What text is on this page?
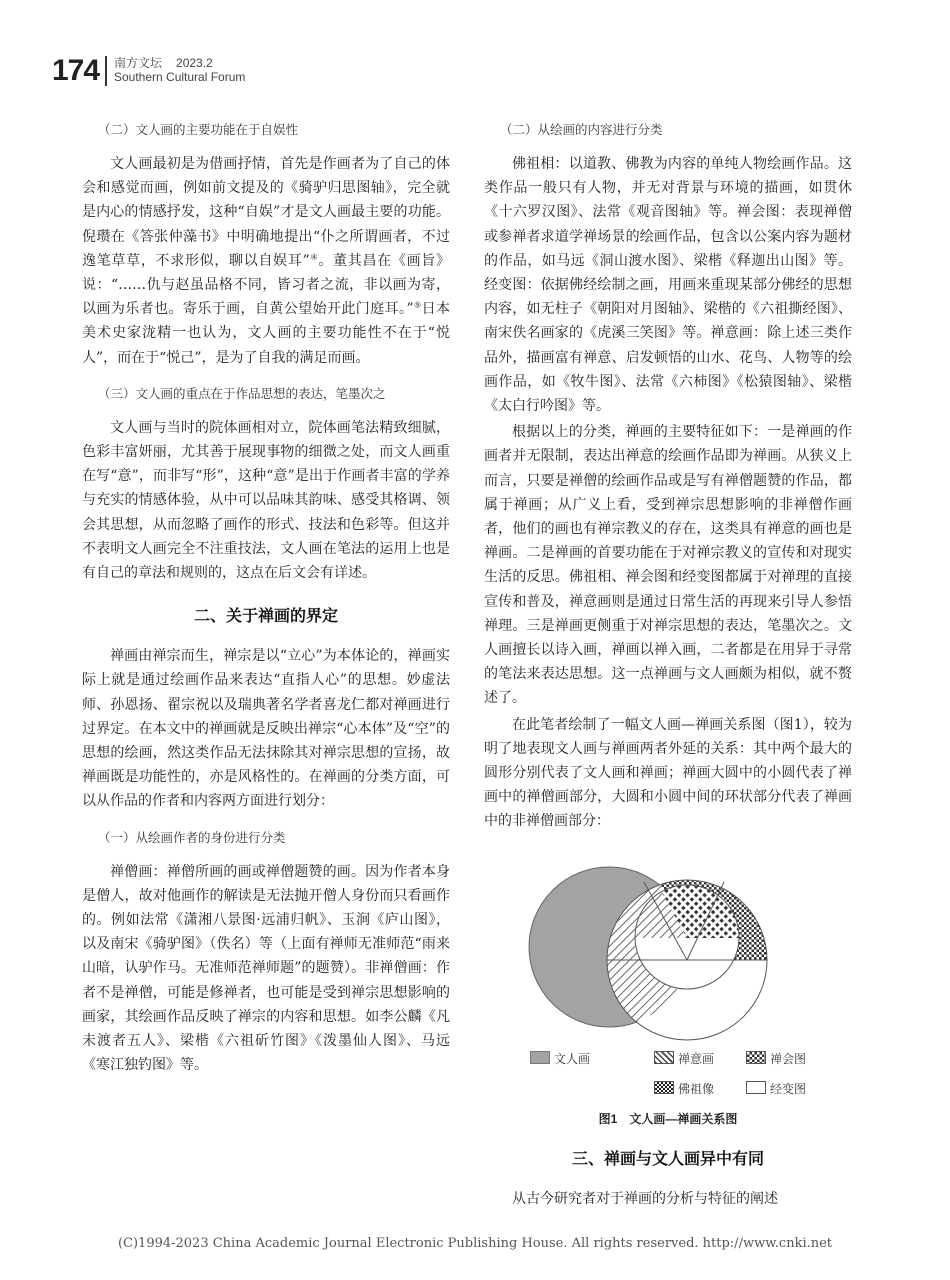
174 南方文坛 2023.2
Southern Cultural Forum
（二）文人画的主要功能在于自娱性

文人画最初是为借画抒情，首先是作画者为了自己的体会和感觉而画，例如前文提及的《骑驴归思图轴》，完全就是内心的情感抒发，这种“自娱”才是文人画最主要的功能。倪瓒在《答张仲藻书》中明确地提出“仆之所谓画者，不过逸笔草草，不求形似，聊以自娱耳”④。董其昌在《画旨》说：“……仇与赵虽品格不同，皆习者之流，非以画为寄，以画为乐者也。寄乐于画，自黄公望始开此门庭耳。”⑤日本美术史家泷精一也认为，文人画的主要功能性不在于“悦人”，而在于“悦己”，是为了自我的满足而画。

（三）文人画的重点在于作品思想的表达，笔墨次之

文人画与当时的院体画相对立，院体画笔法精致细腻，色彩丰富妍丽，尤其善于展现事物的细微之处，而文人画重在写“意”，而非写“形”，这种“意”是出于作画者丰富的学养与充实的情感体验，从中可以品味其韵味、感受其格调、领会其思想，从而忽略了画作的形式、技法和色彩等。但这并不表明文人画完全不注重技法，文人画在笔法的运用上也是有自己的章法和规则的，这点在后文会有详述。

二、关于禅画的界定

禅画由禅宗而生，禅宗是以“立心”为本体论的，禅画实际上就是通过绘画作品来表达“直指人心”的思想。妙虚法师、孙恩扬、翟宗祝以及瑞典著名学者喜龙仁都对禅画进行过界定。在本文中的禅画就是反映出禅宗“心本体”及“空”的思想的绘画，然这类作品无法抹除其对禅宗思想的宣扬，故禅画既是功能性的，亦是风格性的。在禅画的分类方面，可以从作品的作者和内容两方面进行划分：

（一）从绘画作者的身份进行分类

禅僧画：禅僧所画的画或禅僧题赞的画。因为作者本身是僧人，故对他画作的解读是无法抛开僧人身份而只看画作的。例如法常《潇湘八景图·远浦归帆》、玉涧《庐山图》，以及南宋《骑驴图》（佚名）等（上面有禅师无准师范“雨来山暗，认驴作马。无准师范禅师题”的题赞）。非禅僧画：作者不是禅僧，可能是修禅者，也可能是受到禅宗思想影响的画家，其绘画作品反映了禅宗的内容和思想。如李公麟《凡未渡者五人》、梁楷《六祖斫竹图》《泼墨仙人图》、马远《寒江独钓图》等。

（二）从绘画的内容进行分类

佛祖相：以道教、佛教为内容的单纯人物绘画作品。这类作品一般只有人物，并无对背景与环境的描画，如贯休《十六罗汉图》、法常《观音图轴》等。禅会图：表现禅僧或参禅者求道学禅场景的绘画作品，包含以公案内容为题材的作品，如马远《洞山渡水图》、梁楷《释迦出山图》等。经变图：依据佛经绘制之画，用画来重现某部分佛经的思想内容，如无柱子《朝阳对月图轴》、梁楷的《六祖撕经图》、南宋佚名画家的《虎溪三笑图》等。禅意画：除上述三类作品外，描画富有禅意、启发顿悟的山水、花鸟、人物等的绘画作品，如《牧牛图》、法常《六柿图》《松猿图轴》、梁楷《太白行吟图》等。

根据以上的分类，禅画的主要特征如下：一是禅画的作画者并无限制，表达出禅意的绘画作品即为禅画。从狭义上而言，只要是禅僧的绘画作品或是写有禅僧题赞的作品，都属于禅画；从广义上看，受到禅宗思想影响的非禅僧作画者，他们的画也有禅宗教义的存在，这类具有禅意的画也是禅画。二是禅画的首要功能在于对禅宗教义的宣传和对现实生活的反思。佛祖相、禅会图和经变图都属于对禅理的直接宣传和普及，禅意画则是通过日常生活的再现来引导人参悟禅理。三是禅画更侧重于对禅宗思想的表达，笔墨次之。文人画擅长以诗入画，禅画以禅入画，二者都是在用异于寻常的笔法来表达思想。这一点禅画与文人画颇为相似，就不赘述了。

在此笔者绘制了一幅文人画—禅画关系图（图1），较为明了地表现文人画与禅画两者外延的关系：其中两个最大的圆形分别代表了文人画和禅画；禅画大圆中的小圆代表了禅画中的禅僧画部分，大圆和小圆中间的环状部分代表了禅画中的非禅僧画部分：

文人画	禅意画	禅会图
佛祖像	经变图
图1　文人画—禅画关系图
三、禅画与文人画异中有同

从古今研究者对于禅画的分析与特征的阐述

(C)1994-2023 China Academic Journal Electronic Publishing House. All rights reserved. http://www.cnki.net
